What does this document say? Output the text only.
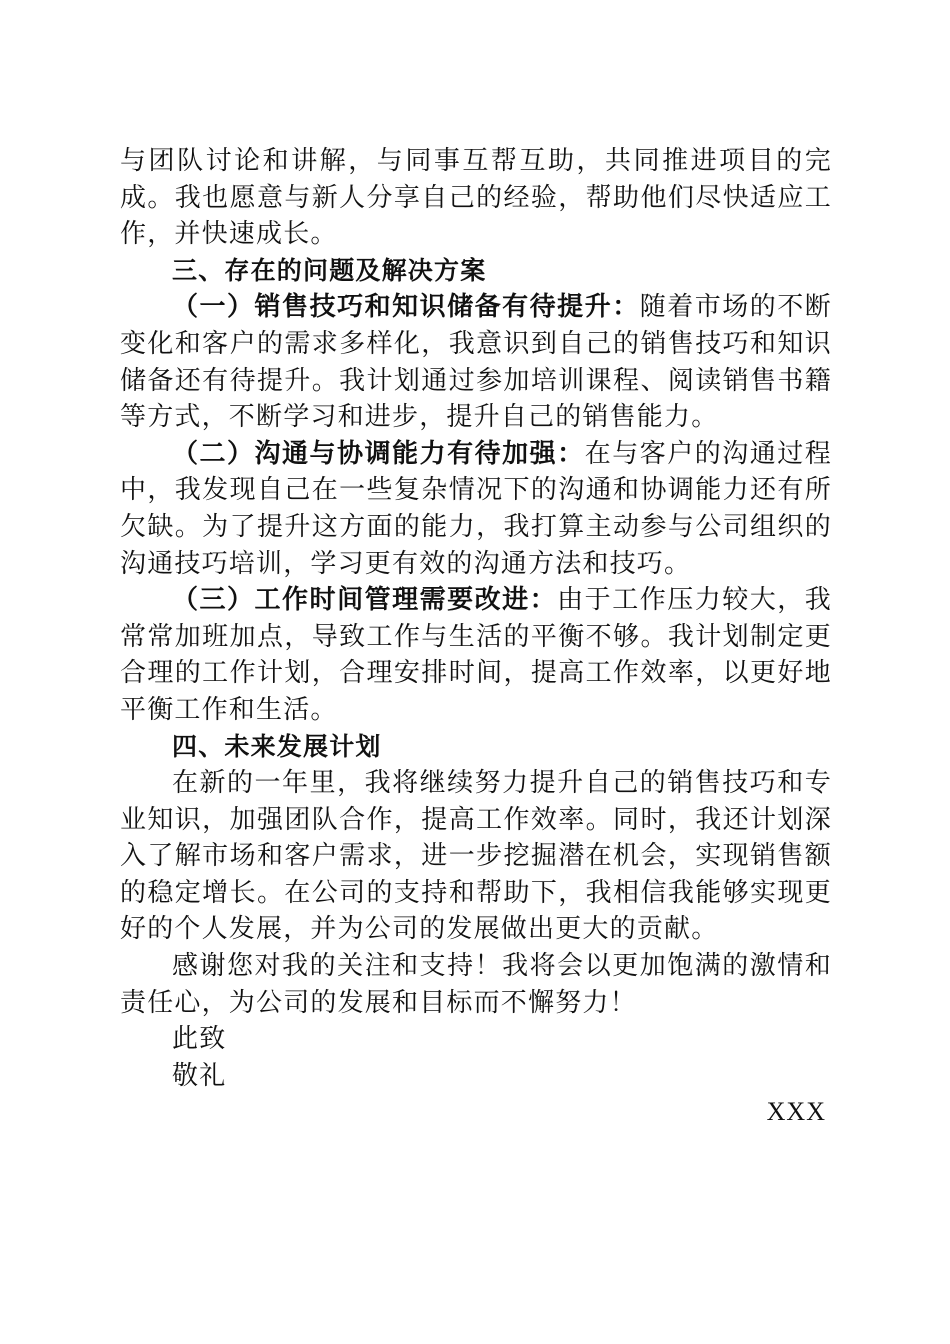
与团队讨论和讲解，与同事互帮互助，共同推进项目的完成。我也愿意与新人分享自己的经验，帮助他们尽快适应工作，并快速成长。

三、存在的问题及解决方案

（一）销售技巧和知识储备有待提升：随着市场的不断变化和客户的需求多样化，我意识到自己的销售技巧和知识储备还有待提升。我计划通过参加培训课程、阅读销售书籍等方式，不断学习和进步，提升自己的销售能力。

（二）沟通与协调能力有待加强：在与客户的沟通过程中，我发现自己在一些复杂情况下的沟通和协调能力还有所欠缺。为了提升这方面的能力，我打算主动参与公司组织的沟通技巧培训，学习更有效的沟通方法和技巧。

（三）工作时间管理需要改进：由于工作压力较大，我常常加班加点，导致工作与生活的平衡不够。我计划制定更合理的工作计划，合理安排时间，提高工作效率，以更好地平衡工作和生活。

四、未来发展计划

在新的一年里，我将继续努力提升自己的销售技巧和专业知识，加强团队合作，提高工作效率。同时，我还计划深入了解市场和客户需求，进一步挖掘潜在机会，实现销售额的稳定增长。在公司的支持和帮助下，我相信我能够实现更好的个人发展，并为公司的发展做出更大的贡献。

感谢您对我的关注和支持！我将会以更加饱满的激情和责任心，为公司的发展和目标而不懈努力！

此致

敬礼

XXX
